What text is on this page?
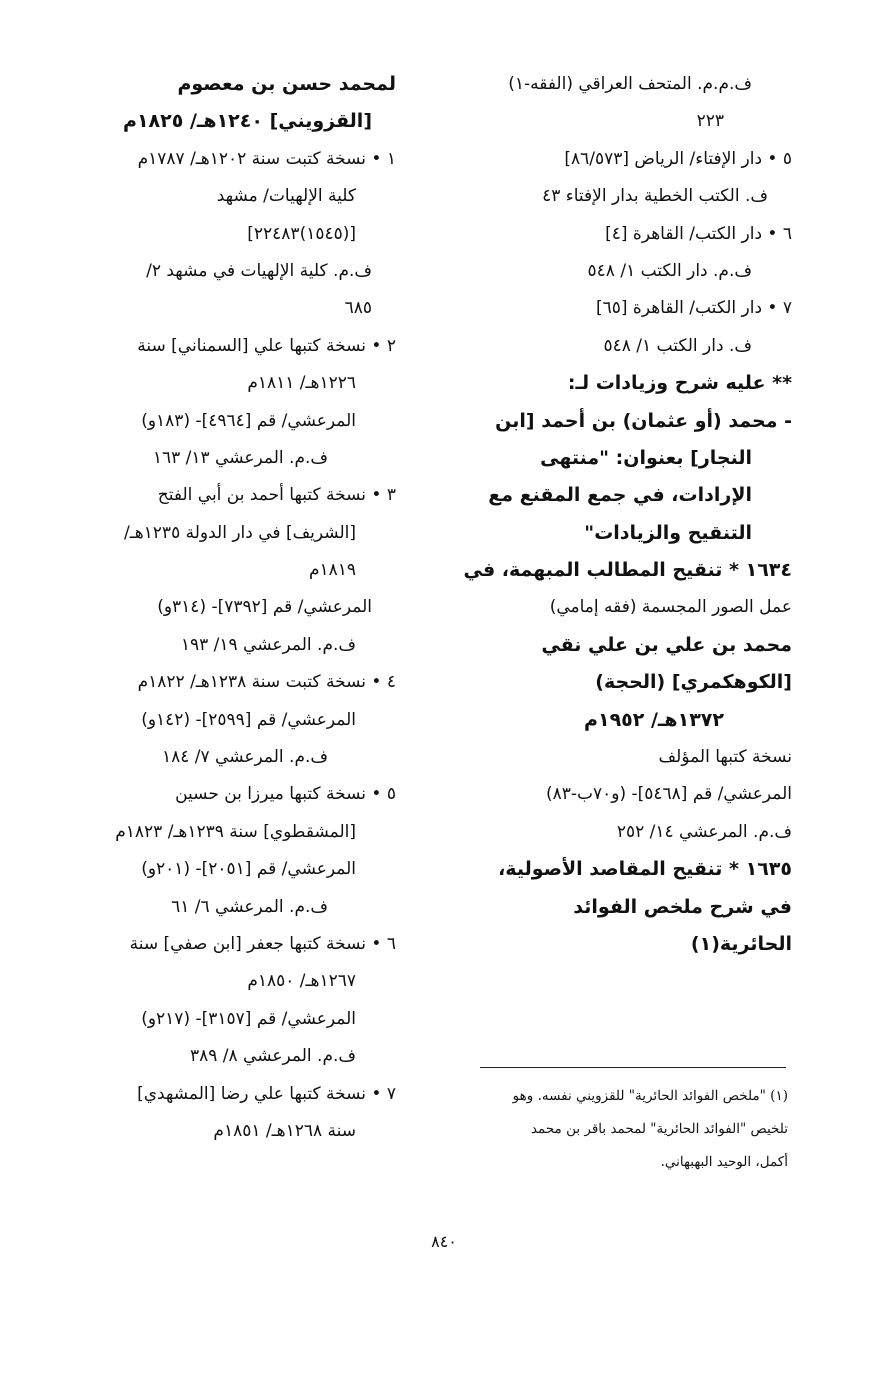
ف.م.م. المتحف العراقي (الفقه-١)
٢٢٣
٥ • دار الإفتاء/ الرياض [٨٦/٥٧٣]
ف. الكتب الخطية بدار الإفتاء ٤٣
٦ • دار الكتب/ القاهرة [٤]
ف.م. دار الكتب ١/ ٥٤٨
٧ • دار الكتب/ القاهرة [٦٥]
ف. دار الكتب ١/ ٥٤٨
** عليه شرح وزيادات لـ:
- محمد (أو عثمان) بن أحمد [ابن
النجار] بعنوان: "منتهى
الإرادات، في جمع المقنع مع
التنقيح والزيادات"
١٦٣٤ * تنقيح المطالب المبهمة، في
عمل الصور المجسمة (فقه إمامي)
محمد بن علي بن علي نقي
[الكوهكمري] (الحجة)
١٣٧٢هـ/ ١٩٥٢م
نسخة كتبها المؤلف
المرعشي/ قم [٥٤٦٨]- (و٧٠ب-٨٣)
ف.م. المرعشي ١٤/ ٢٥٢
١٦٣٥ * تنقيح المقاصد الأصولية،
في شرح ملخص الفوائد
الحائرية(١)
لمحمد حسن بن معصوم
[القزويني] ١٢٤٠هـ/ ١٨٢٥م
١ • نسخة كتبت سنة ١٢٠٢هـ/ ١٧٨٧م
كلية الإلهيات/ مشهد
[(١٥٤٥)٢٢٤٨٣]
ف.م. كلية الإلهيات في مشهد ٢/
٦٨٥
٢ • نسخة كتبها علي [السمناني] سنة
١٢٢٦هـ/ ١٨١١م
المرعشي/ قم [٤٩٦٤]- (١٨٣و)
ف.م. المرعشي ١٣/ ١٦٣
٣ • نسخة كتبها أحمد بن أبي الفتح
[الشريف] في دار الدولة ١٢٣٥هـ/
١٨١٩م
المرعشي/ قم [٧٣٩٢]- (٣١٤و)
ف.م. المرعشي ١٩/ ١٩٣
٤ • نسخة كتبت سنة ١٢٣٨هـ/ ١٨٢٢م
المرعشي/ قم [٢٥٩٩]- (١٤٢و)
ف.م. المرعشي ٧/ ١٨٤
٥ • نسخة كتبها ميرزا بن حسين
[المشقطوي] سنة ١٢٣٩هـ/ ١٨٢٣م
المرعشي/ قم [٢٠٥١]- (٢٠١و)
ف.م. المرعشي ٦/ ٦١
٦ • نسخة كتبها جعفر [ابن صفي] سنة
١٢٦٧هـ/ ١٨٥٠م
المرعشي/ قم [٣١٥٧]- (٢١٧و)
ف.م. المرعشي ٨/ ٣٨٩
٧ • نسخة كتبها علي رضا [المشهدي]
سنة ١٢٦٨هـ/ ١٨٥١م
(١) "ملخص الفوائد الحائرية" للقزويني نفسه. وهو
تلخيص "الفوائد الحائرية" لمحمد باقر بن محمد
أكمل، الوحيد البهبهاني.
٨٤٠
